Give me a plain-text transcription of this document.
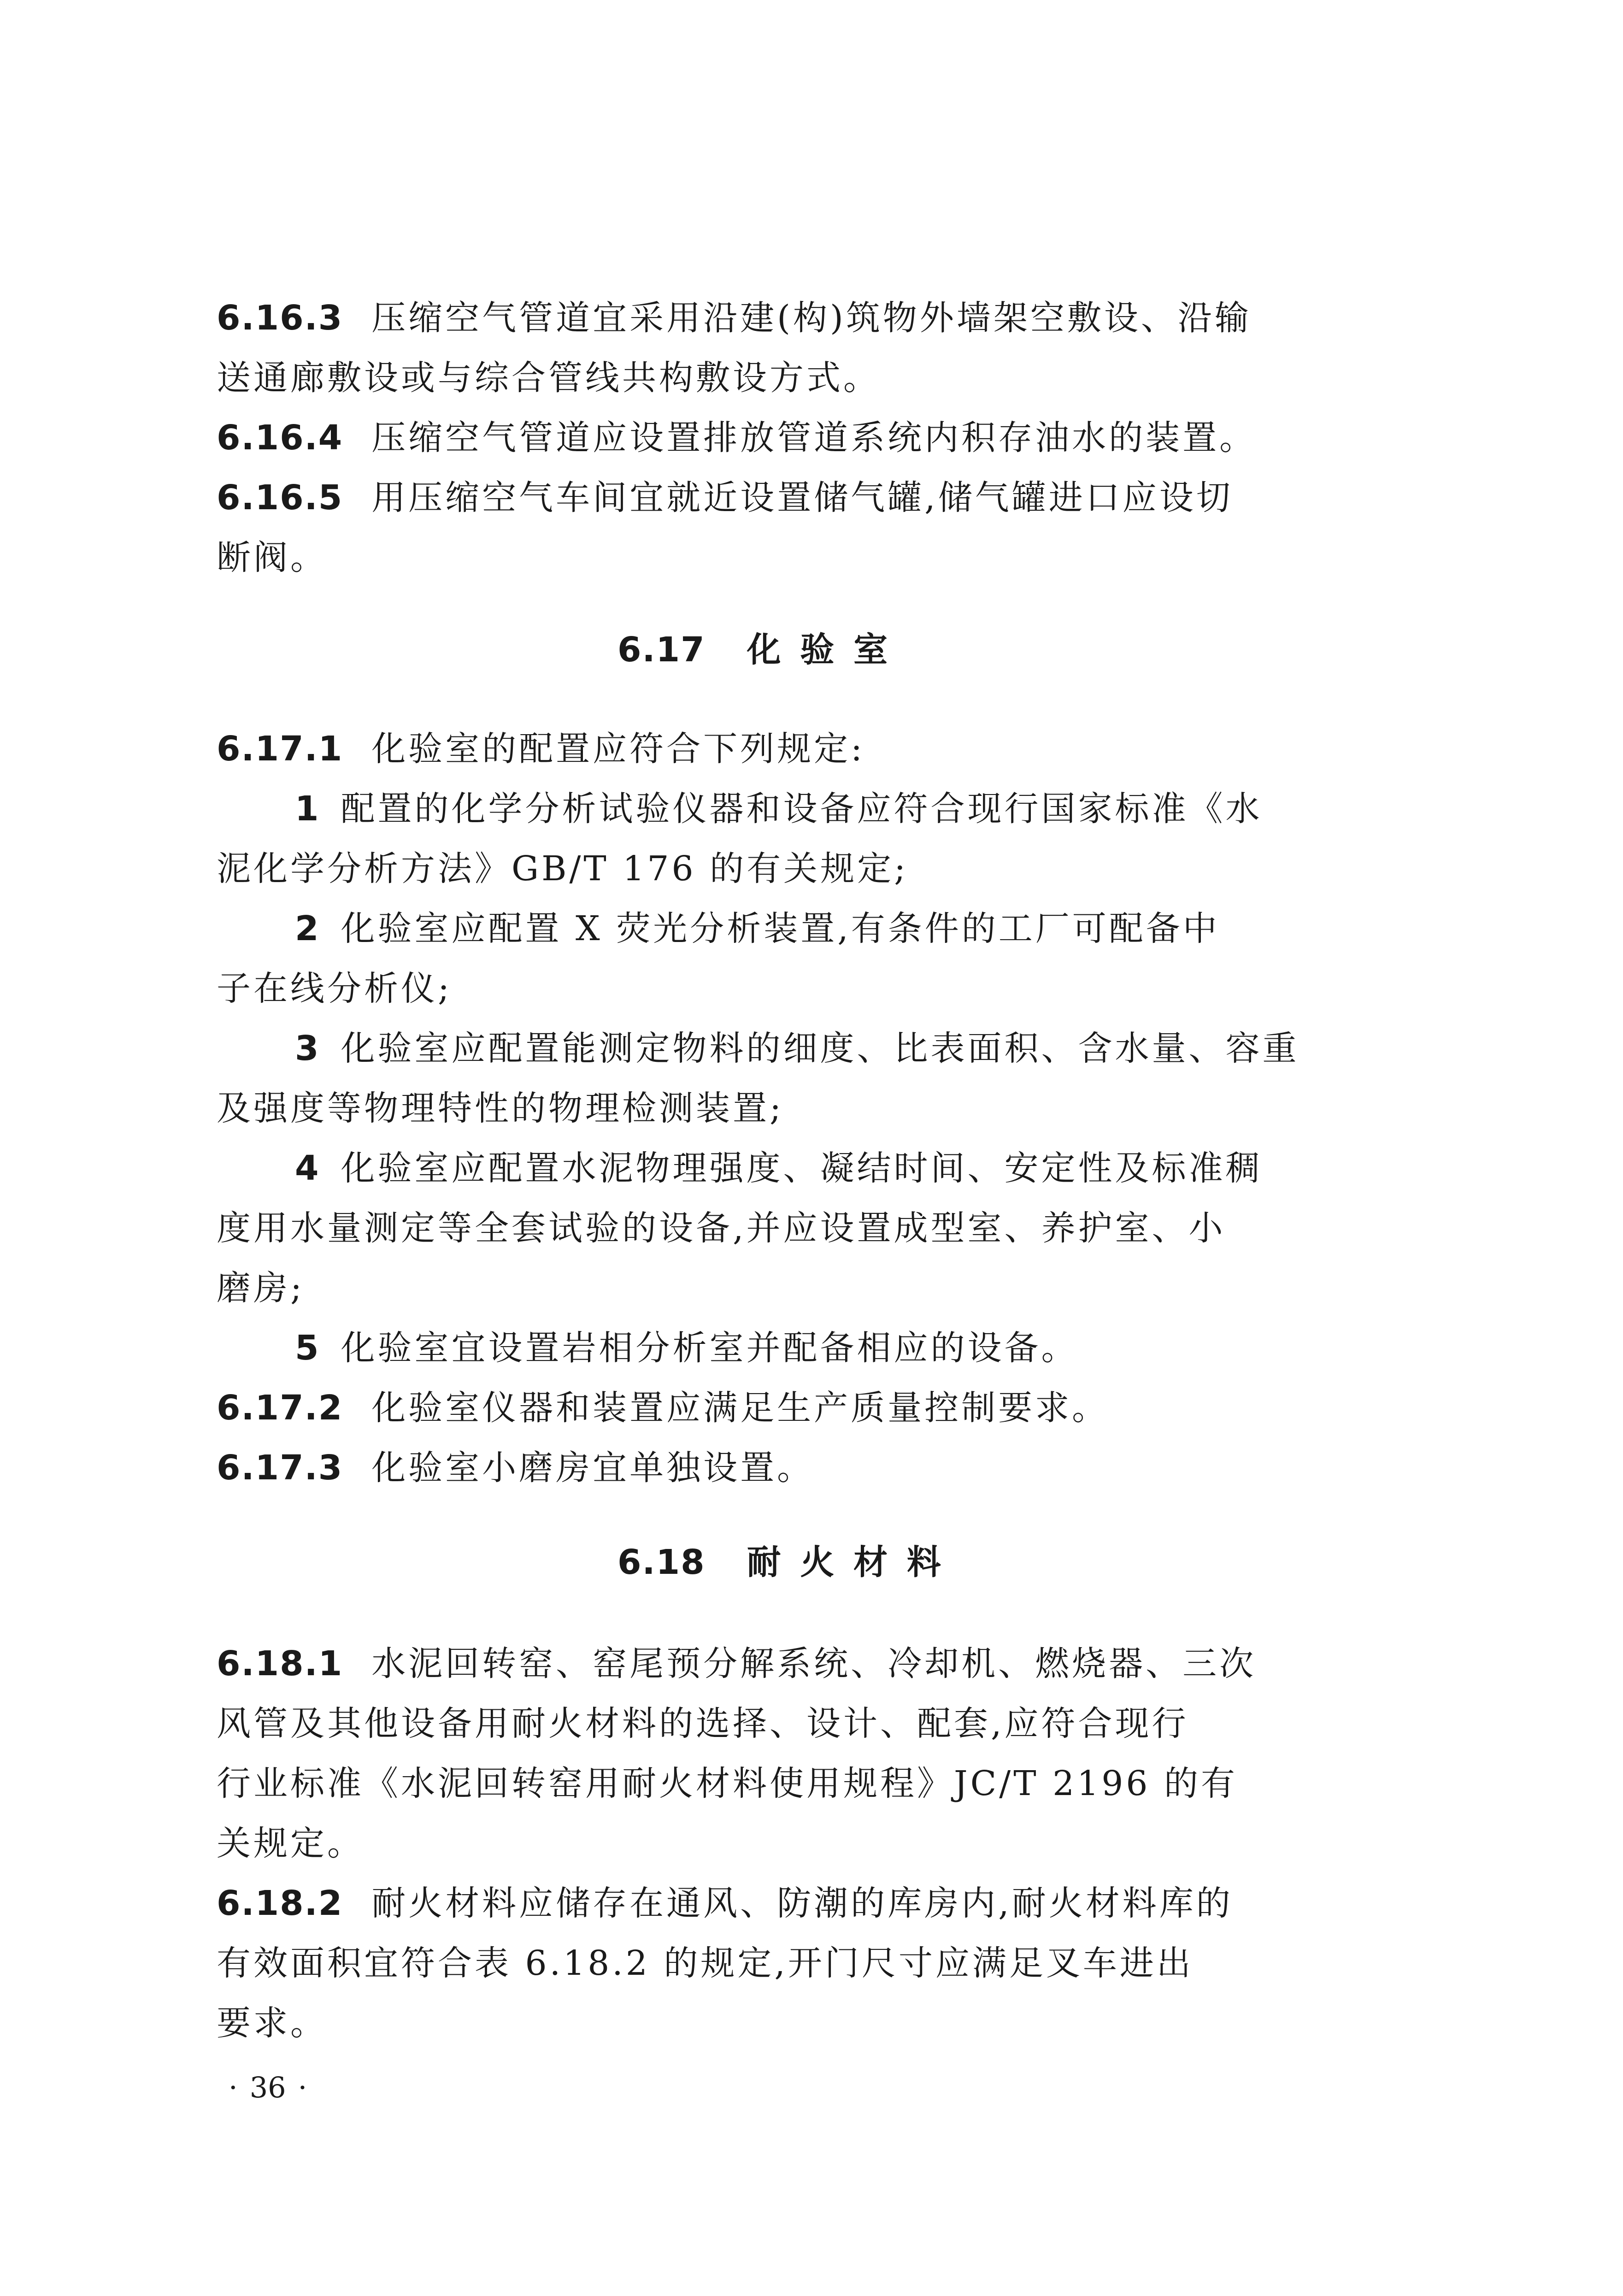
6.16.3 压缩空气管道宜采用沿建(构)筑物外墙架空敷设、沿输
送通廊敷设或与综合管线共构敷设方式。
6.16.4 压缩空气管道应设置排放管道系统内积存油水的装置。
6.16.5 用压缩空气车间宜就近设置储气罐,储气罐进口应设切
断阀。
6.17 化 验 室
6.17.1 化验室的配置应符合下列规定:
1 配置的化学分析试验仪器和设备应符合现行国家标准《水
泥化学分析方法》GB/T 176 的有关规定;
2 化验室应配置 X 荧光分析装置,有条件的工厂可配备中
子在线分析仪;
3 化验室应配置能测定物料的细度、比表面积、含水量、容重
及强度等物理特性的物理检测装置;
4 化验室应配置水泥物理强度、凝结时间、安定性及标准稠
度用水量测定等全套试验的设备,并应设置成型室、养护室、小
磨房;
5 化验室宜设置岩相分析室并配备相应的设备。
6.17.2 化验室仪器和装置应满足生产质量控制要求。
6.17.3 化验室小磨房宜单独设置。
6.18 耐 火 材 料
6.18.1 水泥回转窑、窑尾预分解系统、冷却机、燃烧器、三次
风管及其他设备用耐火材料的选择、设计、配套,应符合现行
行业标准《水泥回转窑用耐火材料使用规程》JC/T 2196 的有
关规定。
6.18.2 耐火材料应储存在通风、防潮的库房内,耐火材料库的
有效面积宜符合表 6.18.2 的规定,开门尺寸应满足叉车进出
要求。
· 36 ·
